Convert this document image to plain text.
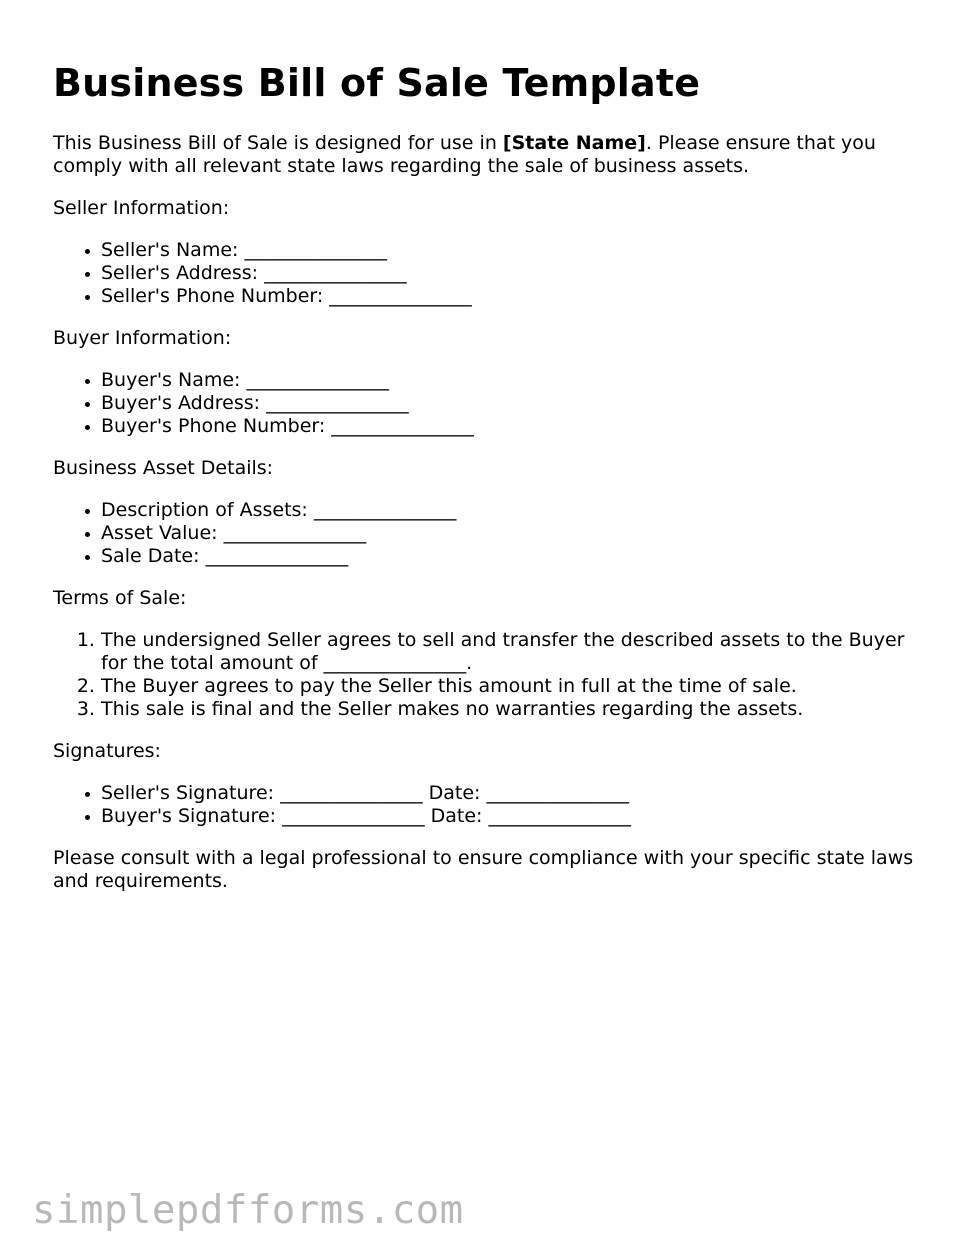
Business Bill of Sale Template

This Business Bill of Sale is designed for use in [State Name]. Please ensure that you comply with all relevant state laws regarding the sale of business assets.

Seller Information:

• Seller's Name: _______________
• Seller's Address: _______________
• Seller's Phone Number: _______________

Buyer Information:

• Buyer's Name: _______________
• Buyer's Address: _______________
• Buyer's Phone Number: _______________

Business Asset Details:

• Description of Assets: _______________
• Asset Value: _______________
• Sale Date: _______________

Terms of Sale:

1. The undersigned Seller agrees to sell and transfer the described assets to the Buyer for the total amount of _______________.
2. The Buyer agrees to pay the Seller this amount in full at the time of sale.
3. This sale is final and the Seller makes no warranties regarding the assets.

Signatures:

• Seller's Signature: _______________ Date: _______________
• Buyer's Signature: _______________ Date: _______________

Please consult with a legal professional to ensure compliance with your specific state laws and requirements.

simplepdfforms.com
